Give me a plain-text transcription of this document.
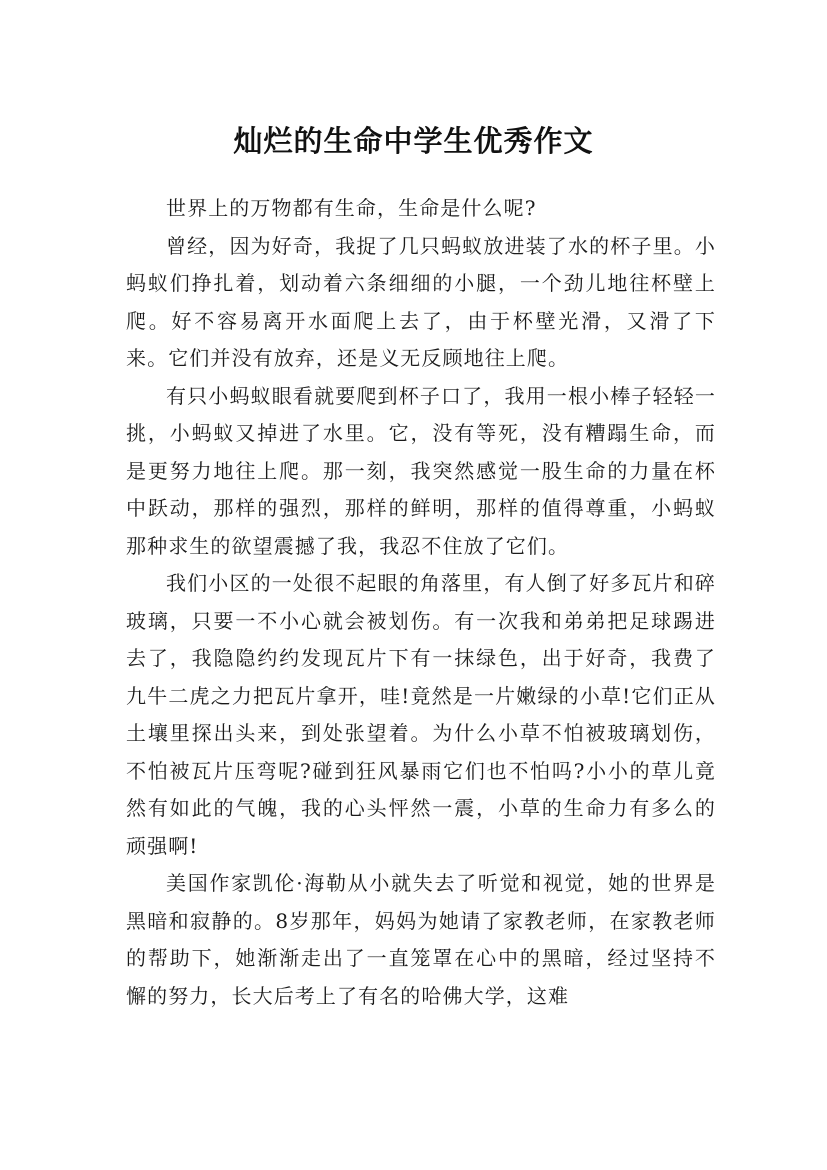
灿烂的生命中学生优秀作文

世界上的万物都有生命，生命是什么呢?

曾经，因为好奇，我捉了几只蚂蚁放进装了水的杯子里。小蚂蚁们挣扎着，划动着六条细细的小腿，一个劲儿地往杯壁上爬。好不容易离开水面爬上去了，由于杯壁光滑，又滑了下来。它们并没有放弃，还是义无反顾地往上爬。

有只小蚂蚁眼看就要爬到杯子口了，我用一根小棒子轻轻一挑，小蚂蚁又掉进了水里。它，没有等死，没有糟蹋生命，而是更努力地往上爬。那一刻，我突然感觉一股生命的力量在杯中跃动，那样的强烈，那样的鲜明，那样的值得尊重，小蚂蚁那种求生的欲望震撼了我，我忍不住放了它们。

我们小区的一处很不起眼的角落里，有人倒了好多瓦片和碎玻璃，只要一不小心就会被划伤。有一次我和弟弟把足球踢进去了，我隐隐约约发现瓦片下有一抹绿色，出于好奇，我费了九牛二虎之力把瓦片拿开，哇!竟然是一片嫩绿的小草!它们正从土壤里探出头来，到处张望着。为什么小草不怕被玻璃划伤，不怕被瓦片压弯呢?碰到狂风暴雨它们也不怕吗?小小的草儿竟然有如此的气魄，我的心头怦然一震，小草的生命力有多么的顽强啊!

美国作家凯伦·海勒从小就失去了听觉和视觉，她的世界是黑暗和寂静的。8岁那年，妈妈为她请了家教老师，在家教老师的帮助下，她渐渐走出了一直笼罩在心中的黑暗，经过坚持不懈的努力，长大后考上了有名的哈佛大学，这难
